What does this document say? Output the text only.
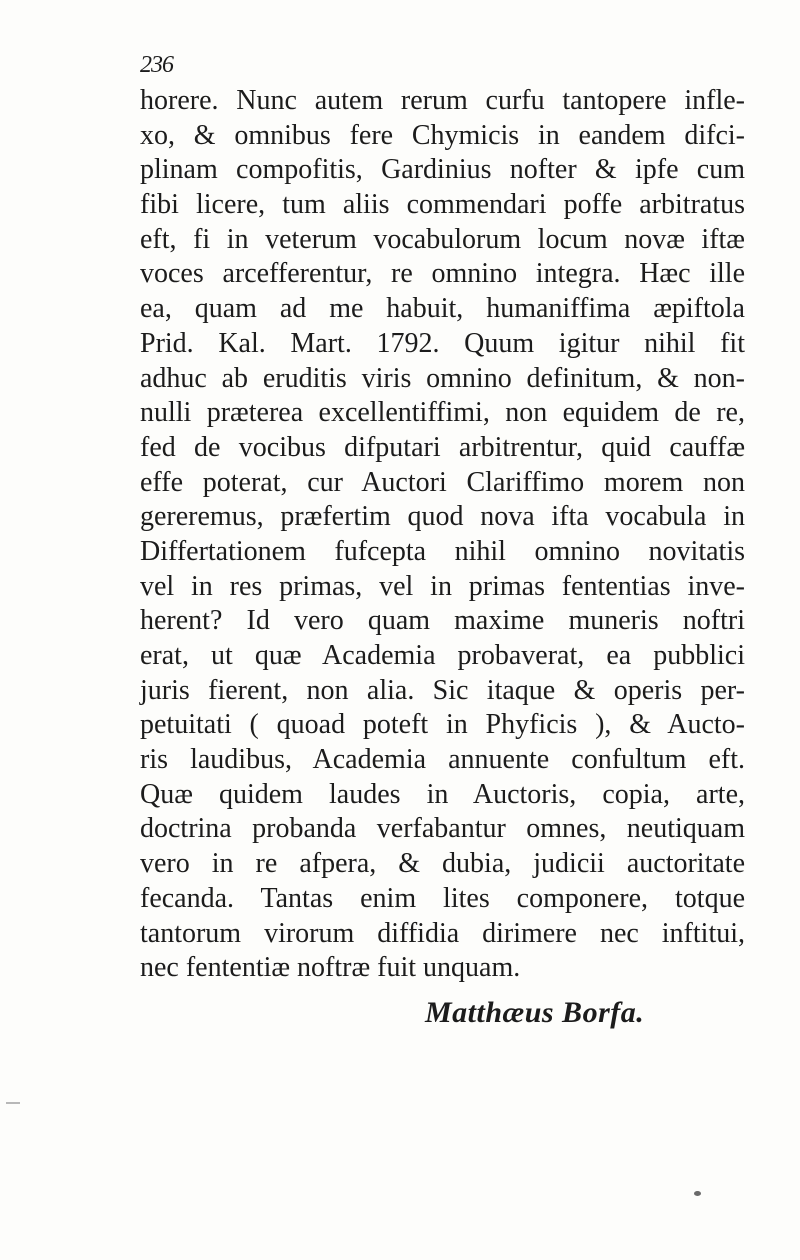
236
horere. Nunc autem rerum curfu tantopere infle-
xo, & omnibus fere Chymicis in eandem difci-
plinam compofitis, Gardinius nofter & ipfe cum
fibi licere, tum aliis commendari poffe arbitratus
eft, fi in veterum vocabulorum locum novæ iftæ
voces arcefferentur, re omnino integra. Hæc ille
ea, quam ad me habuit, humaniffima æpiftola
Prid. Kal. Mart. 1792. Quum igitur nihil fit
adhuc ab eruditis viris omnino definitum, & non-
nulli præterea excellentiffimi, non equidem de re,
fed de vocibus difputari arbitrentur, quid cauffæ
effe poterat, cur Auctori Clariffimo morem non
gereremus, præfertim quod nova ifta vocabula in
Differtationem fufcepta nihil omnino novitatis
vel in res primas, vel in primas fententias inve-
herent? Id vero quam maxime muneris noftri
erat, ut quæ Academia probaverat, ea pubblici
juris fierent, non alia. Sic itaque & operis per-
petuitati ( quoad poteft in Phyficis ), & Aucto-
ris laudibus, Academia annuente confultum eft.
Quæ quidem laudes in Auctoris, copia, arte,
doctrina probanda verfabantur omnes, neutiquam
vero in re afpera, & dubia, judicii auctoritate
fecanda. Tantas enim lites componere, totque
tantorum virorum diffidia dirimere nec inftitui,
nec fententiæ noftræ fuit unquam.
Matthæus Borfa.
